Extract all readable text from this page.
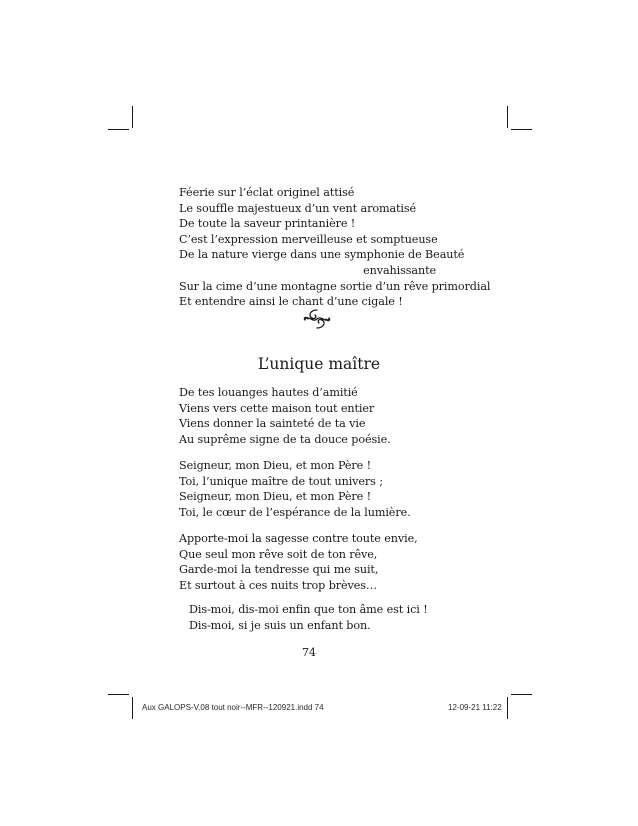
Féerie sur l’éclat originel attisé
Le souffle majestueux d’un vent aromatisé
De toute la saveur printanière !
C’est l’expression merveilleuse et somptueuse
De la nature vierge dans une symphonie de Beauté
envahissante
Sur la cime d’une montagne sortie d’un rêve primordial
Et entendre ainsi le chant d’une cigale !
L’unique maître
De tes louanges hautes d’amitié
Viens vers cette maison tout entier
Viens donner la sainteté de ta vie
Au suprême signe de ta douce poésie.
Seigneur, mon Dieu, et mon Père !
Toi, l’unique maître de tout univers ;
Seigneur, mon Dieu, et mon Père !
Toi, le cœur de l’espérance de la lumière.
Apporte-moi la sagesse contre toute envie,
Que seul mon rêve soit de ton rêve,
Garde-moi la tendresse qui me suit,
Et surtout à ces nuits trop brèves…
Dis-moi, dis-moi enfin que ton âme est ici !
Dis-moi, si je suis un enfant bon.
74
Aux GALOPS-V.08 tout noir--MFR--120921.indd 74	12-09-21 11:22
